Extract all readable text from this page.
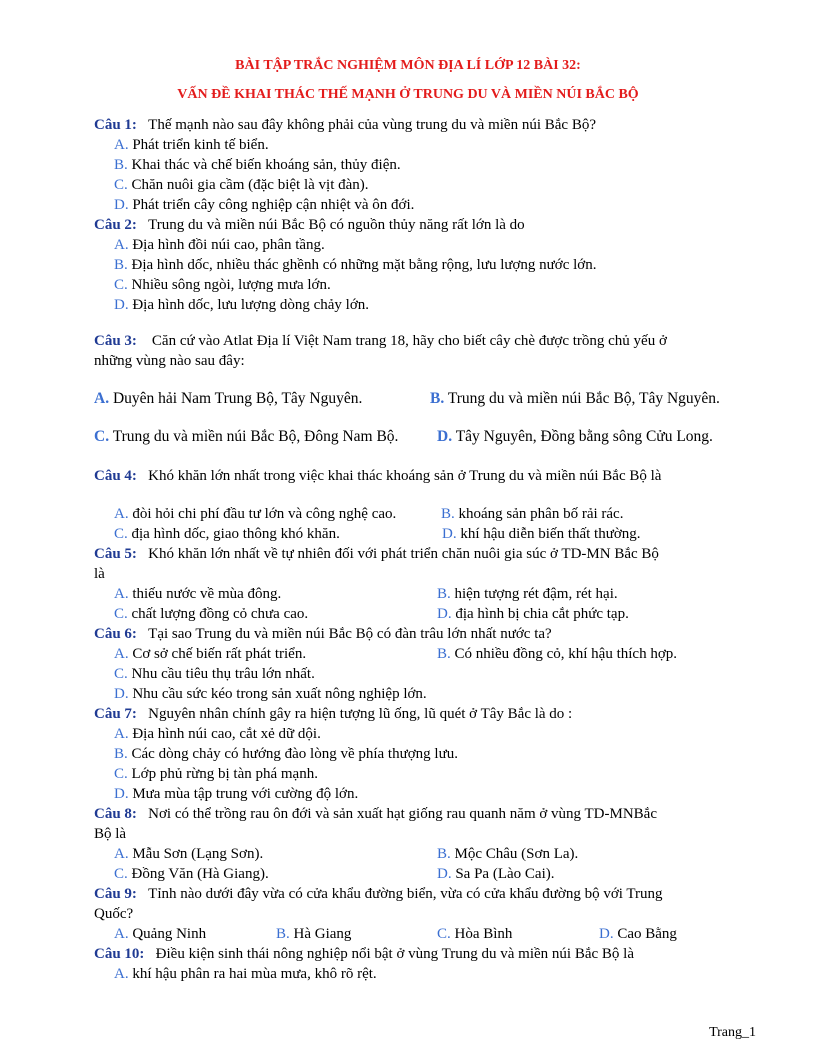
BÀI TẬP TRẮC NGHIỆM MÔN ĐỊA LÍ LỚP 12 BÀI 32:

VẤN ĐỀ KHAI THÁC THẾ MẠNH Ở TRUNG DU VÀ MIỀN NÚI BẮC BỘ

Câu 1: Thế mạnh nào sau đây không phải của vùng trung du và miền núi Bắc Bộ?
A. Phát triển kinh tế biển.
B. Khai thác và chế biến khoáng sản, thủy điện.
C. Chăn nuôi gia cầm (đặc biệt là vịt đàn).
D. Phát triển cây công nghiệp cận nhiệt và ôn đới.
Câu 2: Trung du và miền núi Bắc Bộ có nguồn thủy năng rất lớn là do
A. Địa hình đồi núi cao, phân tầng.
B. Địa hình dốc, nhiều thác ghềnh có những mặt bằng rộng, lưu lượng nước lớn.
C. Nhiều sông ngòi, lượng mưa lớn.
D. Địa hình dốc, lưu lượng dòng chảy lớn.
Câu 3: Căn cứ vào Atlat Địa lí Việt Nam trang 18, hãy cho biết cây chè được trồng chủ yếu ở
những vùng nào sau đây:
A. Duyên hải Nam Trung Bộ, Tây Nguyên.	B. Trung du và miền núi Bắc Bộ, Tây Nguyên.
C. Trung du và miền núi Bắc Bộ, Đông Nam Bộ. D. Tây Nguyên, Đồng bằng sông Cửu Long.
Câu 4: Khó khăn lớn nhất trong việc khai thác khoáng sản ở Trung du và miền núi Bắc Bộ là
A. đòi hỏi chi phí đầu tư lớn và công nghệ cao.	B. khoáng sản phân bố rải rác.
C. địa hình dốc, giao thông khó khăn.	D. khí hậu diễn biến thất thường.
Câu 5: Khó khăn lớn nhất về tự nhiên đối với phát triển chăn nuôi gia súc ở TD-MN Bắc Bộ
là
A. thiếu nước về mùa đông.	B. hiện tượng rét đậm, rét hại.
C. chất lượng đồng cỏ chưa cao.	D. địa hình bị chia cắt phức tạp.
Câu 6: Tại sao Trung du và miền núi Bắc Bộ có đàn trâu lớn nhất nước ta?
A. Cơ sở chế biến rất phát triển.	B. Có nhiều đồng cỏ, khí hậu thích hợp.
C. Nhu cầu tiêu thụ trâu lớn nhất.
D. Nhu cầu sức kéo trong sản xuất nông nghiệp lớn.
Câu 7: Nguyên nhân chính gây ra hiện tượng lũ ống, lũ quét ở Tây Bắc là do :
A. Địa hình núi cao, cắt xẻ dữ dội.
B. Các dòng chảy có hướng đào lòng về phía thượng lưu.
C. Lớp phủ rừng bị tàn phá mạnh.
D. Mưa mùa tập trung với cường độ lớn.
Câu 8: Nơi có thể trồng rau ôn đới và sản xuất hạt giống rau quanh năm ở vùng TD-MNBắc
Bộ là
A. Mẫu Sơn (Lạng Sơn).	B. Mộc Châu (Sơn La).
C. Đồng Văn (Hà Giang).	D. Sa Pa (Lào Cai).
Câu 9: Tỉnh nào dưới đây vừa có cửa khẩu đường biển, vừa có cửa khẩu đường bộ với Trung
Quốc?
A. Quảng Ninh	B. Hà Giang	C. Hòa Bình	D. Cao Bằng
Câu 10: Điều kiện sinh thái nông nghiệp nổi bật ở vùng Trung du và miền núi Bắc Bộ là
A. khí hậu phân ra hai mùa mưa, khô rõ rệt.
Trang_1
